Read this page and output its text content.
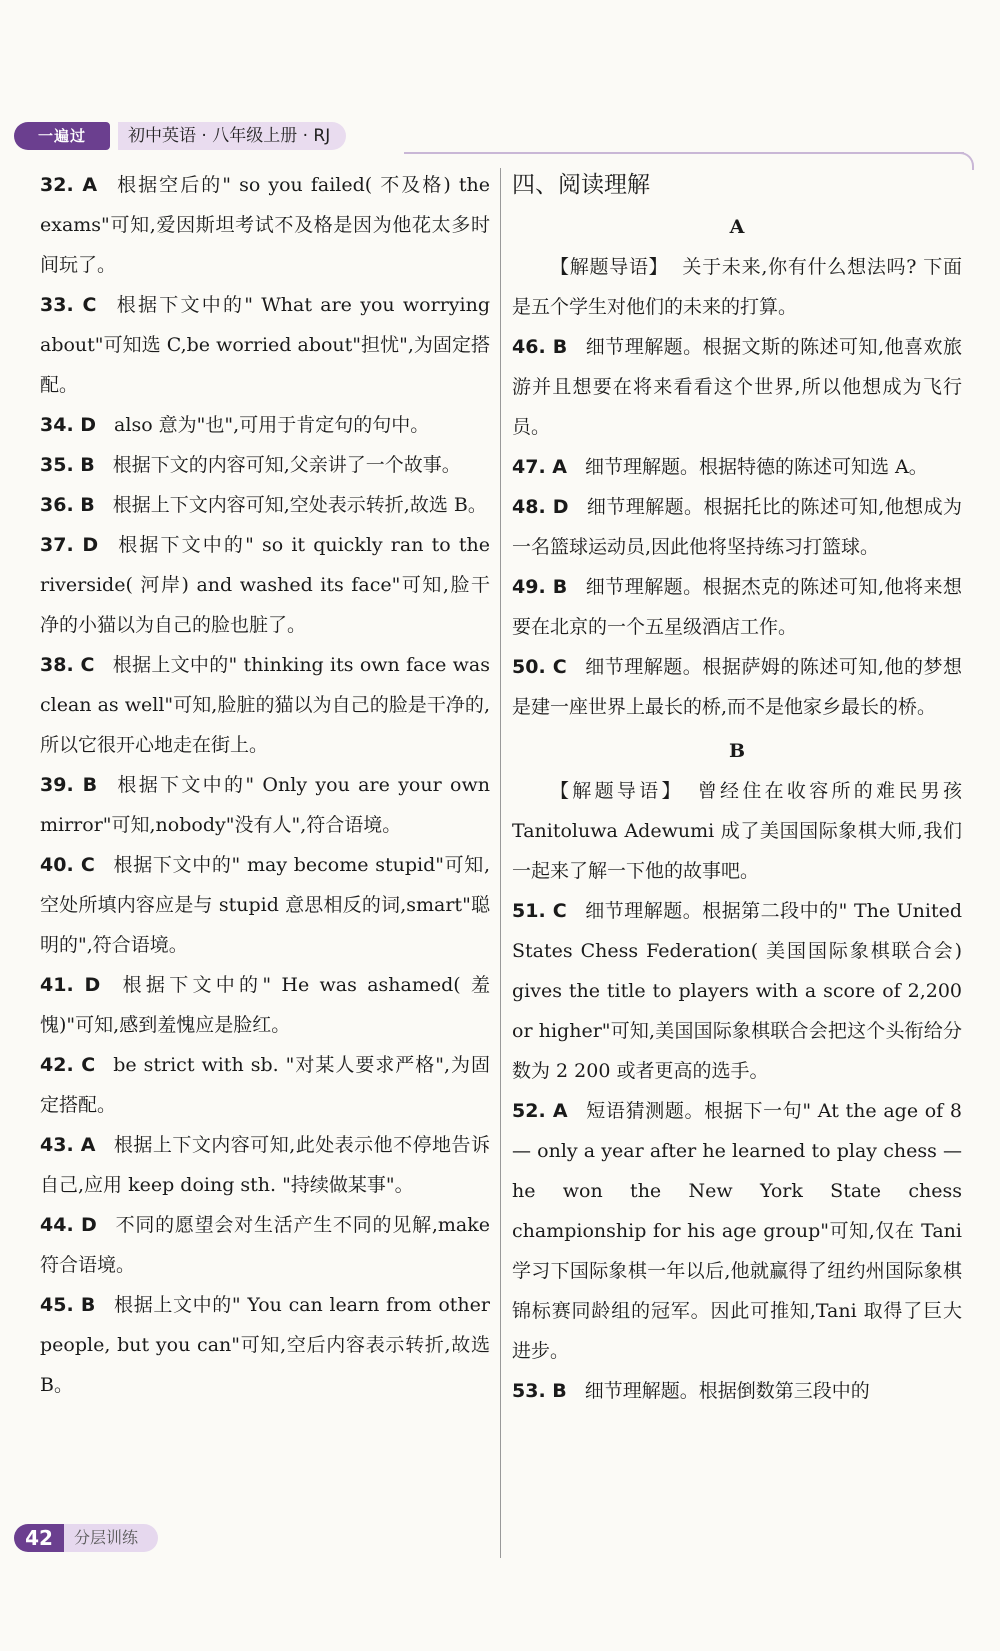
一遍过	初中英语 · 八年级上册 · RJ

32. A 根据空后的" so you failed( 不及格) the exams"可知,爱因斯坦考试不及格是因为他花太多时间玩了。

33. C 根据下文中的" What are you worrying about"可知选 C,be worried about"担忧",为固定搭配。

34. D also 意为"也",可用于肯定句的句中。

35. B 根据下文的内容可知,父亲讲了一个故事。

36. B 根据上下文内容可知,空处表示转折,故选 B。

37. D 根据下文中的" so it quickly ran to the riverside( 河岸) and washed its face"可知,脸干净的小猫以为自己的脸也脏了。

38. C 根据上文中的" thinking its own face was clean as well"可知,脸脏的猫以为自己的脸是干净的,所以它很开心地走在街上。

39. B 根据下文中的" Only you are your own mirror"可知,nobody"没有人",符合语境。

40. C 根据下文中的" may become stupid"可知,空处所填内容应是与 stupid 意思相反的词,smart"聪明的",符合语境。

41. D 根据下文中的" He was ashamed( 羞愧)"可知,感到羞愧应是脸红。

42. C be strict with sb. "对某人要求严格",为固定搭配。

43. A 根据上下文内容可知,此处表示他不停地告诉自己,应用 keep doing sth. "持续做某事"。

44. D 不同的愿望会对生活产生不同的见解,make 符合语境。

45. B 根据上文中的" You can learn from other people, but you can"可知,空后内容表示转折,故选 B。

四、阅读理解

A

【解题导语】 关于未来,你有什么想法吗? 下面是五个学生对他们的未来的打算。

46. B 细节理解题。根据文斯的陈述可知,他喜欢旅游并且想要在将来看看这个世界,所以他想成为飞行员。

47. A 细节理解题。根据特德的陈述可知选 A。

48. D 细节理解题。根据托比的陈述可知,他想成为一名篮球运动员,因此他将坚持练习打篮球。

49. B 细节理解题。根据杰克的陈述可知,他将来想要在北京的一个五星级酒店工作。

50. C 细节理解题。根据萨姆的陈述可知,他的梦想是建一座世界上最长的桥,而不是他家乡最长的桥。

B

【解题导语】 曾经住在收容所的难民男孩 Tanitoluwa Adewumi 成了美国国际象棋大师,我们一起来了解一下他的故事吧。

51. C 细节理解题。根据第二段中的" The United States Chess Federation( 美国国际象棋联合会) gives the title to players with a score of 2,200 or higher"可知,美国国际象棋联合会把这个头衔给分数为 2 200 或者更高的选手。

52. A 短语猜测题。根据下一句" At the age of 8 — only a year after he learned to play chess — he won the New York State chess championship for his age group"可知,仅在 Tani 学习下国际象棋一年以后,他就赢得了纽约州国际象棋锦标赛同龄组的冠军。因此可推知,Tani 取得了巨大进步。

53. B 细节理解题。根据倒数第三段中的

42	分层训练
